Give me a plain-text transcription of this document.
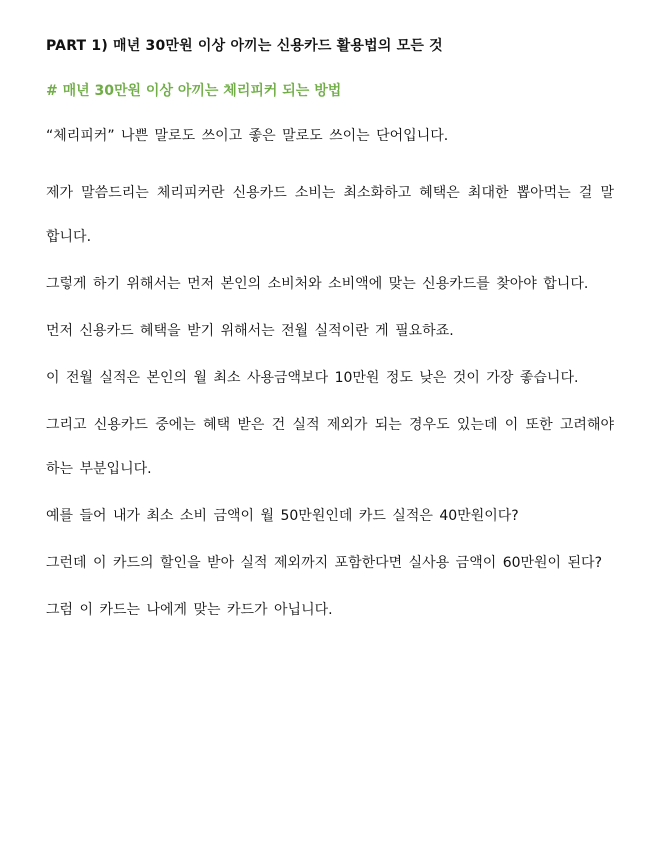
PART 1) 매년 30만원 이상 아끼는 신용카드 활용법의 모든 것
# 매년 30만원 이상 아끼는 체리피커 되는 방법

“체리피커” 나쁜 말로도 쓰이고 좋은 말로도 쓰이는 단어입니다.

제가 말씀드리는 체리피커란 신용카드 소비는 최소화하고 혜택은 최대한 뽑아먹는 걸 말 합니다.

그렇게 하기 위해서는 먼저 본인의 소비처와 소비액에 맞는 신용카드를 찾아야 합니다.

먼저 신용카드 혜택을 받기 위해서는 전월 실적이란 게 필요하죠.

이 전월 실적은 본인의 월 최소 사용금액보다 10만원 정도 낮은 것이 가장 좋습니다.

그리고 신용카드 중에는 혜택 받은 건 실적 제외가 되는 경우도 있는데 이 또한 고려해야 하는 부분입니다.

예를 들어 내가 최소 소비 금액이 월 50만원인데 카드 실적은 40만원이다?

그런데 이 카드의 할인을 받아 실적 제외까지 포함한다면 실사용 금액이 60만원이 된다?

그럼 이 카드는 나에게 맞는 카드가 아닙니다.
